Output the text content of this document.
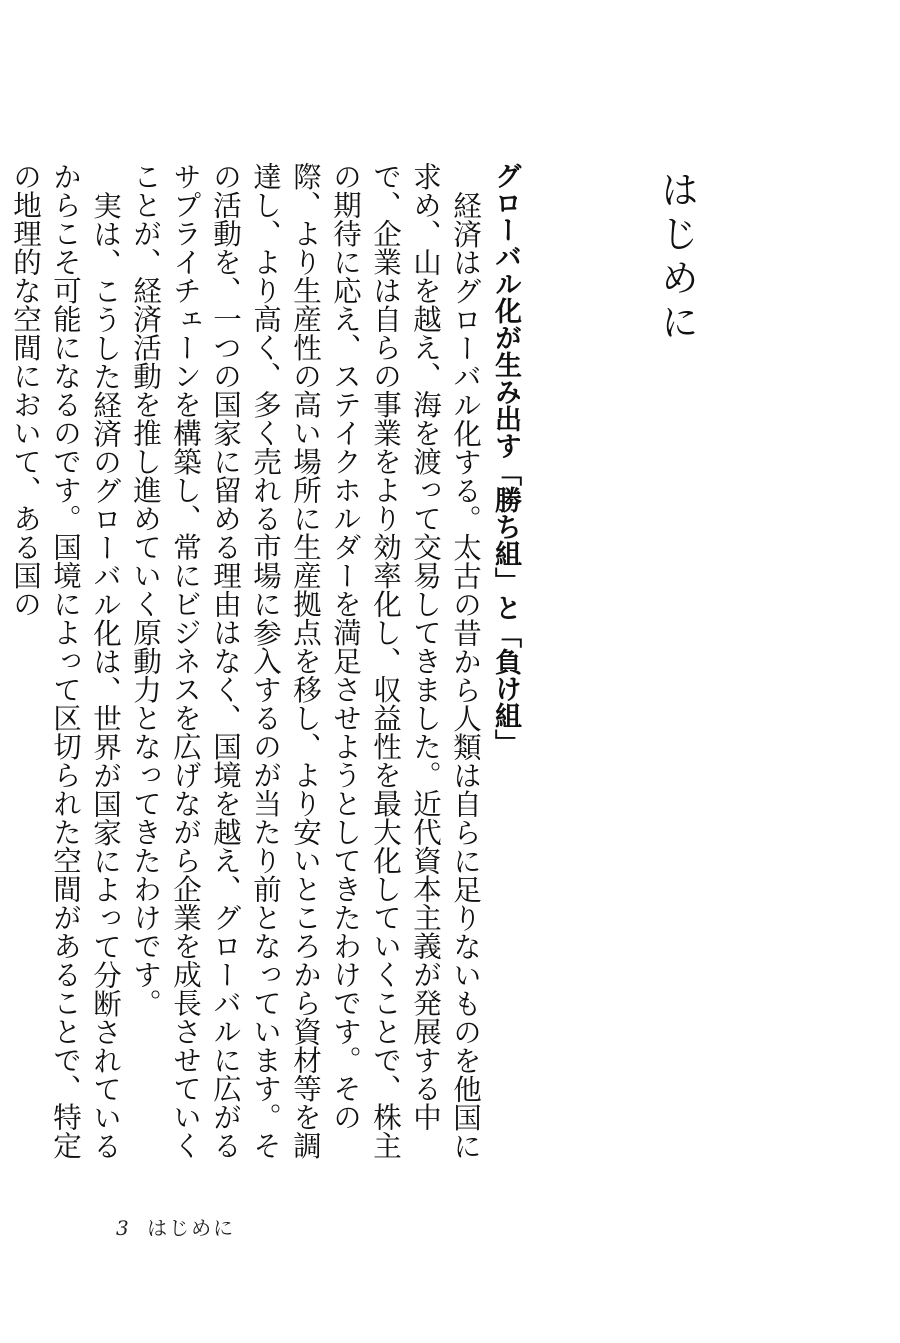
はじめに
グローバル化が生み出す「勝ち組」と「負け組」

経済はグローバル化する。太古の昔から人類は自らに足りないものを他国に求め、山を越え、海を渡って交易してきました。近代資本主義が発展する中で、企業は自らの事業をより効率化し、収益性を最大化していくことで、株主の期待に応え、ステイクホルダーを満足させようとしてきたわけです。その際、より生産性の高い場所に生産拠点を移し、より安いところから資材等を調達し、より高く、多く売れる市場に参入するのが当たり前となっています。その活動を、一つの国家に留める理由はなく、国境を越え、グローバルに広がるサプライチェーンを構築し、常にビジネスを広げながら企業を成長させていくことが、経済活動を推し進めていく原動力となってきたわけです。

実は、こうした経済のグローバル化は、世界が国家によって分断されているからこそ可能になるのです。国境によって区切られた空間があることで、特定の地理的な空間において、ある国の

3 はじめに
